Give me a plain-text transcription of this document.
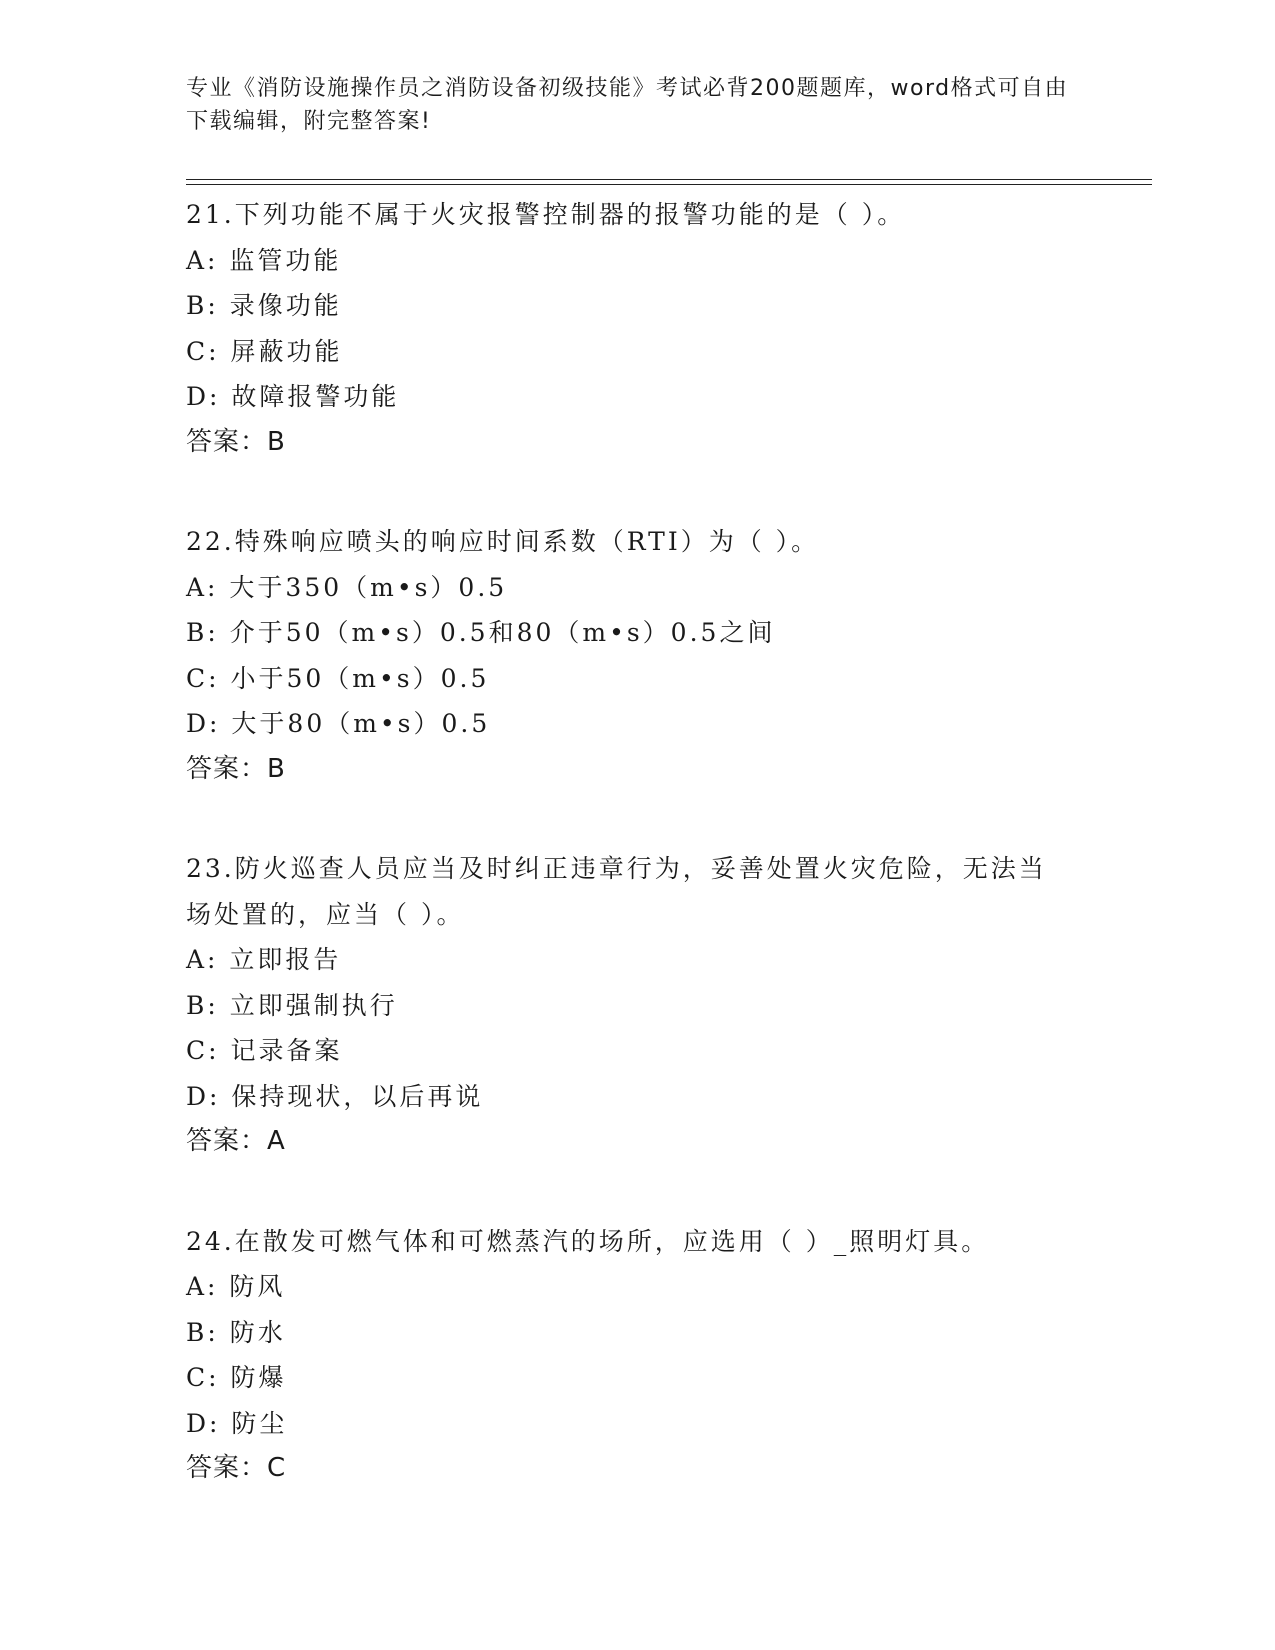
专业《消防设施操作员之消防设备初级技能》考试必背200题题库，word格式可自由下载编辑，附完整答案!
21.下列功能不属于火灾报警控制器的报警功能的是（ ）。
A: 监管功能
B: 录像功能
C: 屏蔽功能
D: 故障报警功能
答案：B
22.特殊响应喷头的响应时间系数（RTI）为（ ）。
A: 大于350（m•s）0.5
B: 介于50（m•s）0.5和80（m•s）0.5之间
C: 小于50（m•s）0.5
D: 大于80（m•s）0.5
答案：B
23.防火巡查人员应当及时纠正违章行为，妥善处置火灾危险，无法当
场处置的，应当（ ）。
A: 立即报告
B: 立即强制执行
C: 记录备案
D: 保持现状，以后再说
答案：A
24.在散发可燃气体和可燃蒸汽的场所，应选用（ ）_照明灯具。
A: 防风
B: 防水
C: 防爆
D: 防尘
答案：C
